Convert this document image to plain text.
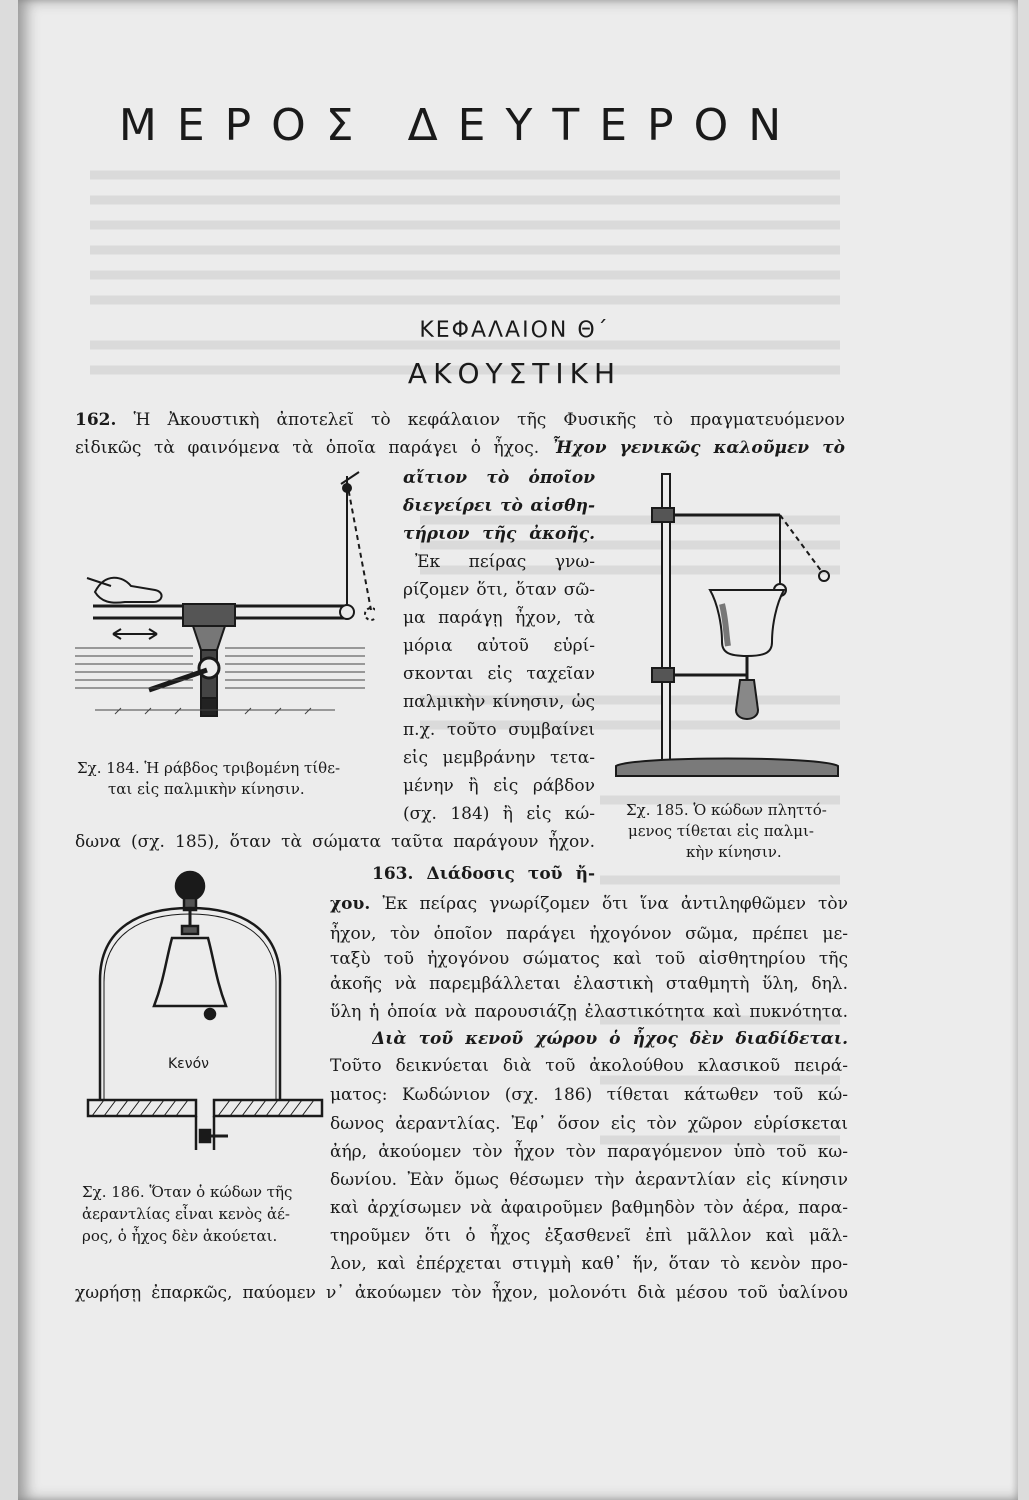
ΜΕΡΟΣ ΔΕΥΤΕΡΟΝ
ΚΕΦΑΛΑΙΟΝ Θ΄
ΑΚΟΥΣΤΙΚΗ
162. Ἡ Ἀκουστικὴ ἀποτελεῖ τὸ κεφάλαιον τῆς Φυσικῆς τὸ πραγματευόμενον
εἰδικῶς τὰ φαινόμενα τὰ ὁποῖα παράγει ὁ ἦχος. Ἦχον γενικῶς καλοῦμεν τὸ
αἴτιον τὸ ὁποῖον
διεγείρει τὸ αἰσθη-
τήριον τῆς ἀκοῆς.
Ἐκ πείρας γνω-
ρίζομεν ὅτι, ὅταν σῶ-
μα παράγῃ ἦχον, τὰ
μόρια αὐτοῦ εὑρί-
σκονται εἰς ταχεῖαν
παλμικὴν κίνησιν, ὡς
π.χ. τοῦτο συμβαίνει
εἰς μεμβράνην τετα-
μένην ἢ εἰς ράβδον
(σχ. 184) ἢ εἰς κώ-
δωνα (σχ. 185), ὅταν τὰ σώματα ταῦτα παράγουν ἦχον.
Σχ. 184. Ἡ ράβδος τριβομένη τίθε-
ται εἰς παλμικὴν κίνησιν.
Σχ. 185. Ὁ κώδων πληττό-
μενος τίθεται εἰς παλμι-
κὴν κίνησιν.
163. Διάδοσις τοῦ ἤ-
χου. Ἐκ πείρας γνωρίζομεν ὅτι ἵνα ἀντιληφθῶμεν τὸν
ἦχον, τὸν ὁποῖον παράγει ἠχογόνον σῶμα, πρέπει με-
ταξὺ τοῦ ἠχογόνου σώματος καὶ τοῦ αἰσθητηρίου τῆς
ἀκοῆς νὰ παρεμβάλλεται ἐλαστικὴ σταθμητὴ ὕλη, δηλ.
ὕλη ἡ ὁποία νὰ παρουσιάζῃ ἐλαστικότητα καὶ πυκνότητα.
Διὰ τοῦ κενοῦ χώρου ὁ ἦχος δὲν διαδίδεται.
Τοῦτο δεικνύεται διὰ τοῦ ἀκολούθου κλασικοῦ πειρά-
ματος: Κωδώνιον (σχ. 186) τίθεται κάτωθεν τοῦ κώ-
δωνος ἀεραντλίας. Ἐφ᾽ ὅσον εἰς τὸν χῶρον εὑρίσκεται
ἀήρ, ἀκούομεν τὸν ἦχον τὸν παραγόμενον ὑπὸ τοῦ κω-
δωνίου. Ἐὰν ὅμως θέσωμεν τὴν ἀεραντλίαν εἰς κίνησιν
καὶ ἀρχίσωμεν νὰ ἀφαιροῦμεν βαθμηδὸν τὸν ἀέρα, παρα-
τηροῦμεν ὅτι ὁ ἦχος ἐξασθενεῖ ἐπὶ μᾶλλον καὶ μᾶλ-
λον, καὶ ἐπέρχεται στιγμὴ καθ᾽ ἥν, ὅταν τὸ κενὸν προ-
χωρήσῃ ἐπαρκῶς, παύομεν ν᾽ ἀκούωμεν τὸν ἦχον, μολονότι διὰ μέσου τοῦ ὑαλίνου
Κενόν
Σχ. 186. Ὅταν ὁ κώδων τῆς
ἀεραντλίας εἶναι κενὸς ἀέ-
ρος, ὁ ἦχος δὲν ἀκούεται.
